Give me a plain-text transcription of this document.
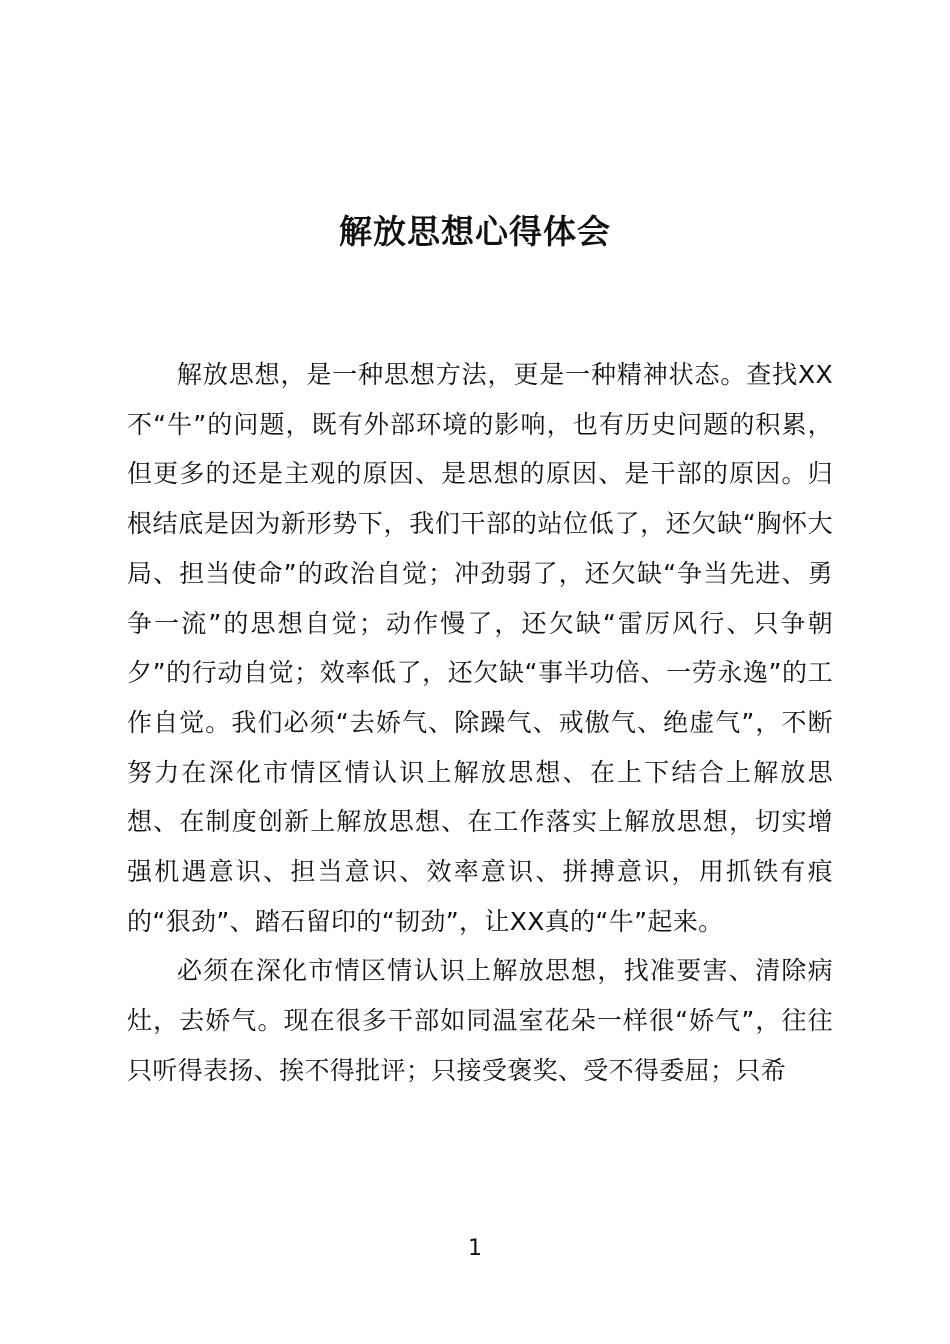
解放思想心得体会

解放思想，是一种思想方法，更是一种精神状态。查找XX不“牛”的问题，既有外部环境的影响，也有历史问题的积累，但更多的还是主观的原因、是思想的原因、是干部的原因。归根结底是因为新形势下，我们干部的站位低了，还欠缺“胸怀大局、担当使命”的政治自觉；冲劲弱了，还欠缺“争当先进、勇争一流”的思想自觉；动作慢了，还欠缺“雷厉风行、只争朝夕”的行动自觉；效率低了，还欠缺“事半功倍、一劳永逸”的工作自觉。我们必须“去娇气、除躁气、戒傲气、绝虚气”，不断努力在深化市情区情认识上解放思想、在上下结合上解放思想、在制度创新上解放思想、在工作落实上解放思想，切实增强机遇意识、担当意识、效率意识、拼搏意识，用抓铁有痕的“狠劲”、踏石留印的“韧劲”，让XX真的“牛”起来。

必须在深化市情区情认识上解放思想，找准要害、清除病灶，去娇气。现在很多干部如同温室花朵一样很“娇气”，往往只听得表扬、挨不得批评；只接受褒奖、受不得委屈；只希

1
